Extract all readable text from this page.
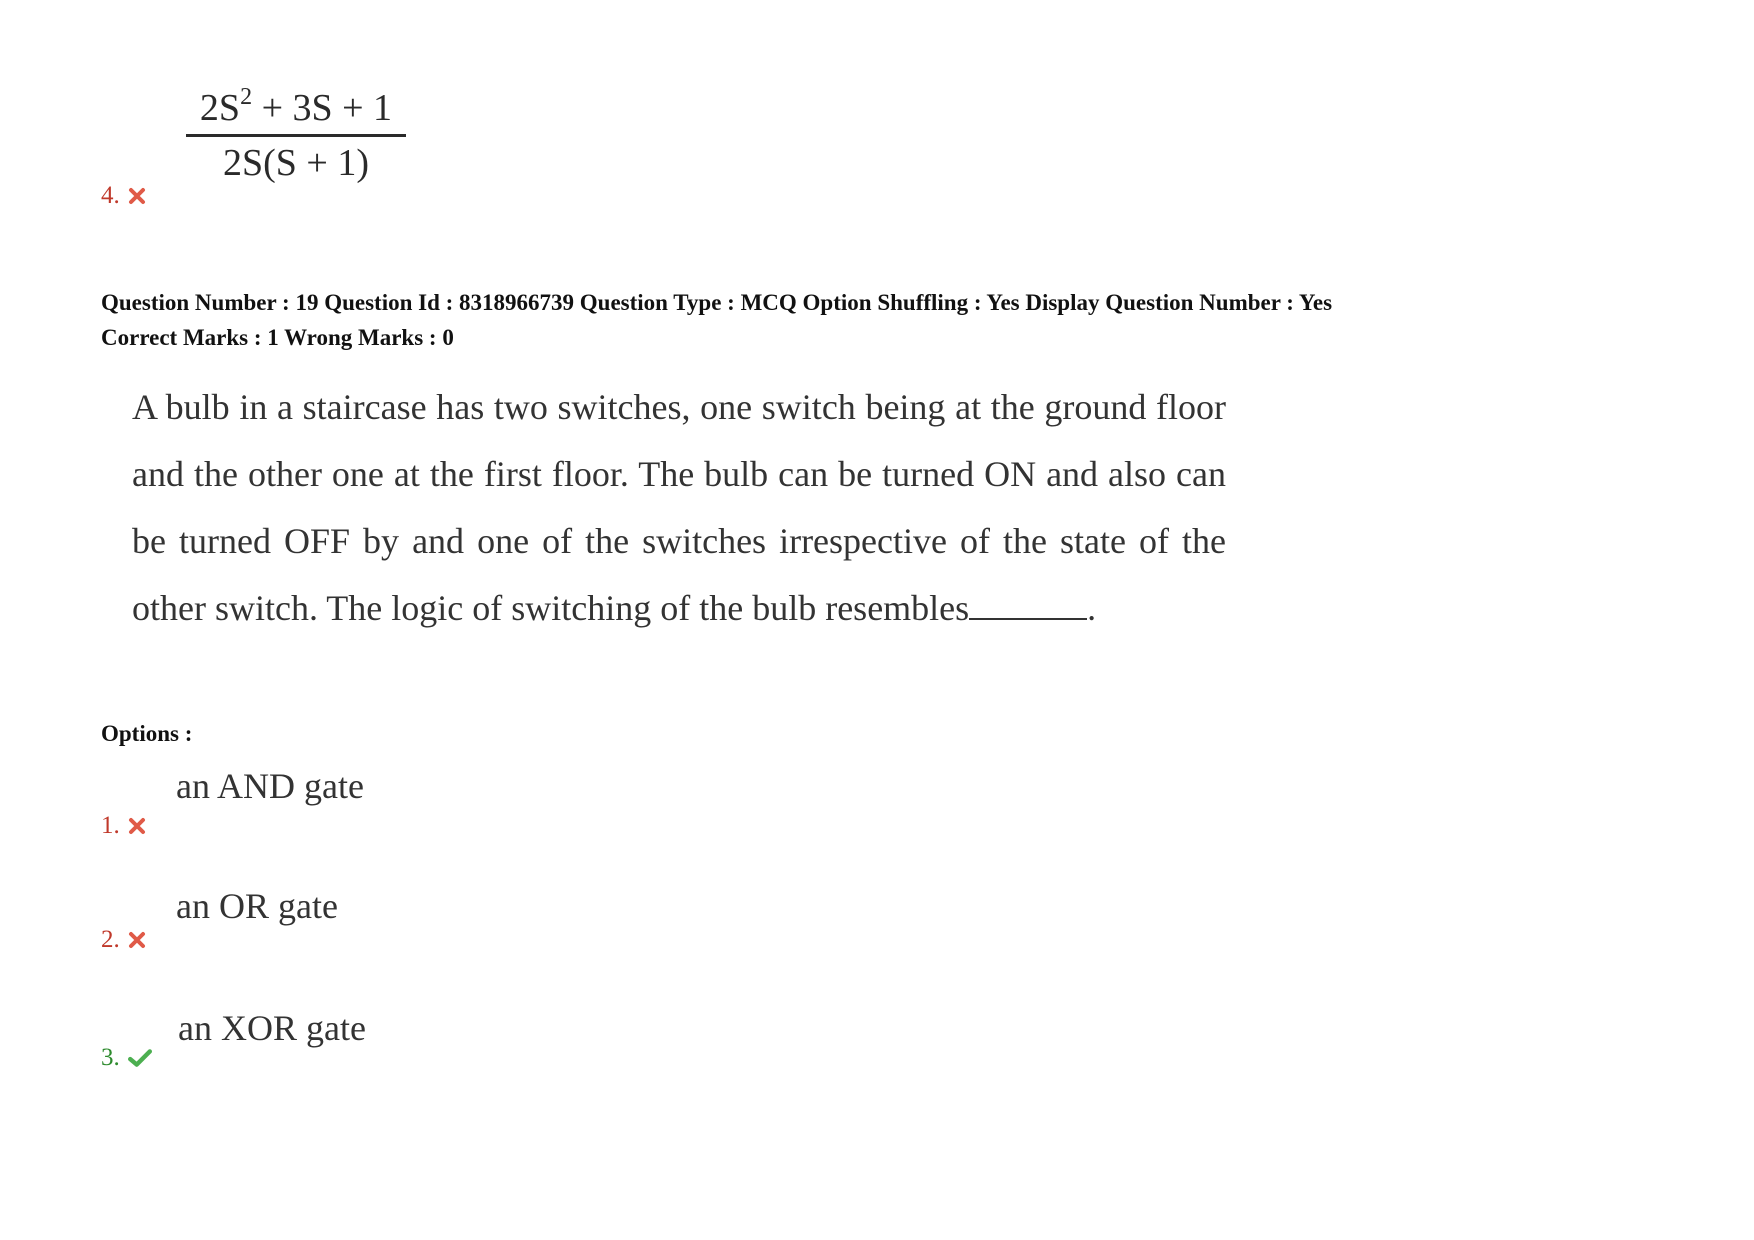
$2S^2 + 3S + 1$
2S(S + 1)
4.
Question Number : 19 Question Id : 8318966739 Question Type : MCQ Option Shuffling : Yes Display Question Number : Yes
Correct Marks : 1 Wrong Marks : 0
A bulb in a staircase has two switches, one switch being at the ground floor and the other one at the first floor. The bulb can be turned ON and also can be turned OFF by and one of the switches irrespective of the state of the other switch. The logic of switching of the bulb resembles	.
Options :
an AND gate
1.
an OR gate
2.
an XOR gate
3.
